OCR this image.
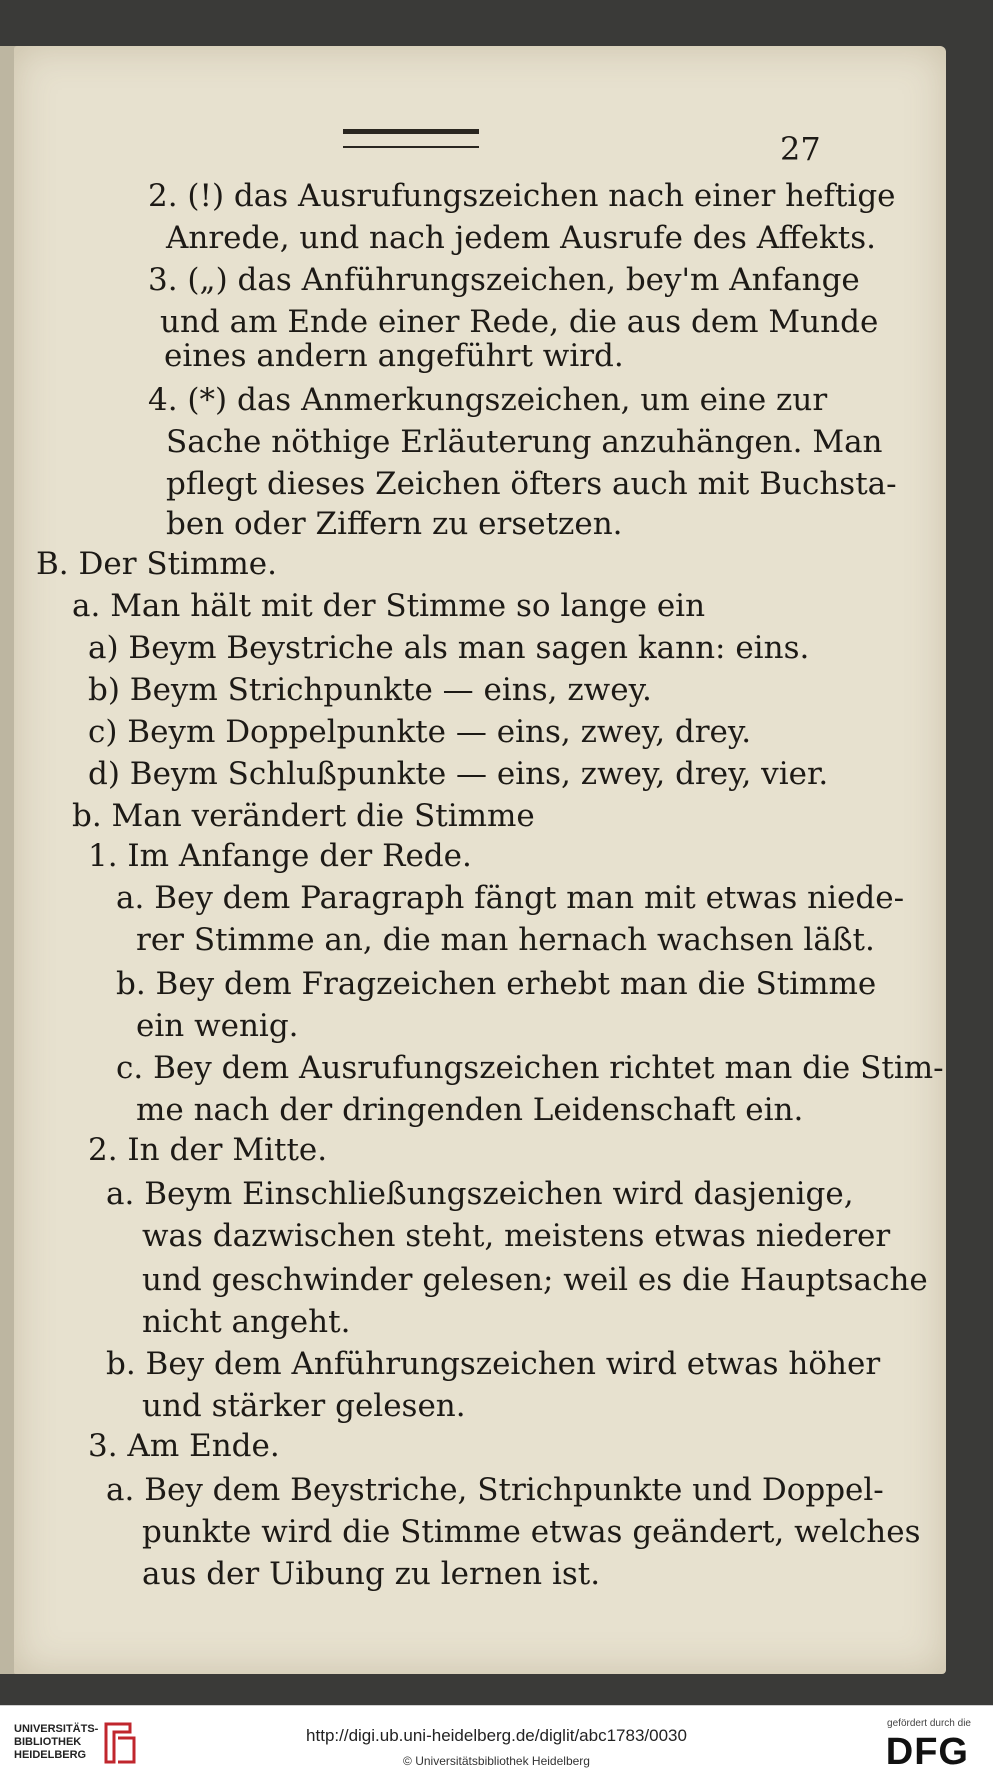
27
2. (!) das Ausrufungszeichen nach einer heftige
Anrede, und nach jedem Ausrufe des Affekts.
3. („) das Anführungszeichen, bey'm Anfange
und am Ende einer Rede, die aus dem Munde
eines andern angeführt wird.
4. (*) das Anmerkungszeichen, um eine zur
Sache nöthige Erläuterung anzuhängen. Man
pflegt dieses Zeichen öfters auch mit Buchsta-
ben oder Ziffern zu ersetzen.
B. Der Stimme.
a. Man hält mit der Stimme so lange ein
a) Beym Beystriche als man sagen kann: eins.
b) Beym Strichpunkte — eins, zwey.
c) Beym Doppelpunkte — eins, zwey, drey.
d) Beym Schlußpunkte — eins, zwey, drey, vier.
b. Man verändert die Stimme
1. Im Anfange der Rede.
a. Bey dem Paragraph fängt man mit etwas niede-
rer Stimme an, die man hernach wachsen läßt.
b. Bey dem Fragzeichen erhebt man die Stimme
ein wenig.
c. Bey dem Ausrufungszeichen richtet man die Stim-
me nach der dringenden Leidenschaft ein.
2. In der Mitte.
a. Beym Einschließungszeichen wird dasjenige,
was dazwischen steht, meistens etwas niederer
und geschwinder gelesen; weil es die Hauptsache
nicht angeht.
b. Bey dem Anführungszeichen wird etwas höher
und stärker gelesen.
3. Am Ende.
a. Bey dem Beystriche, Strichpunkte und Doppel-
punkte wird die Stimme etwas geändert, welches
aus der Uibung zu lernen ist.
UNIVERSITÄTS-
BIBLIOTHEK
HEIDELBERG
http://digi.ub.uni-heidelberg.de/diglit/abc1783/0030
© Universitätsbibliothek Heidelberg
gefördert durch die
DFG
